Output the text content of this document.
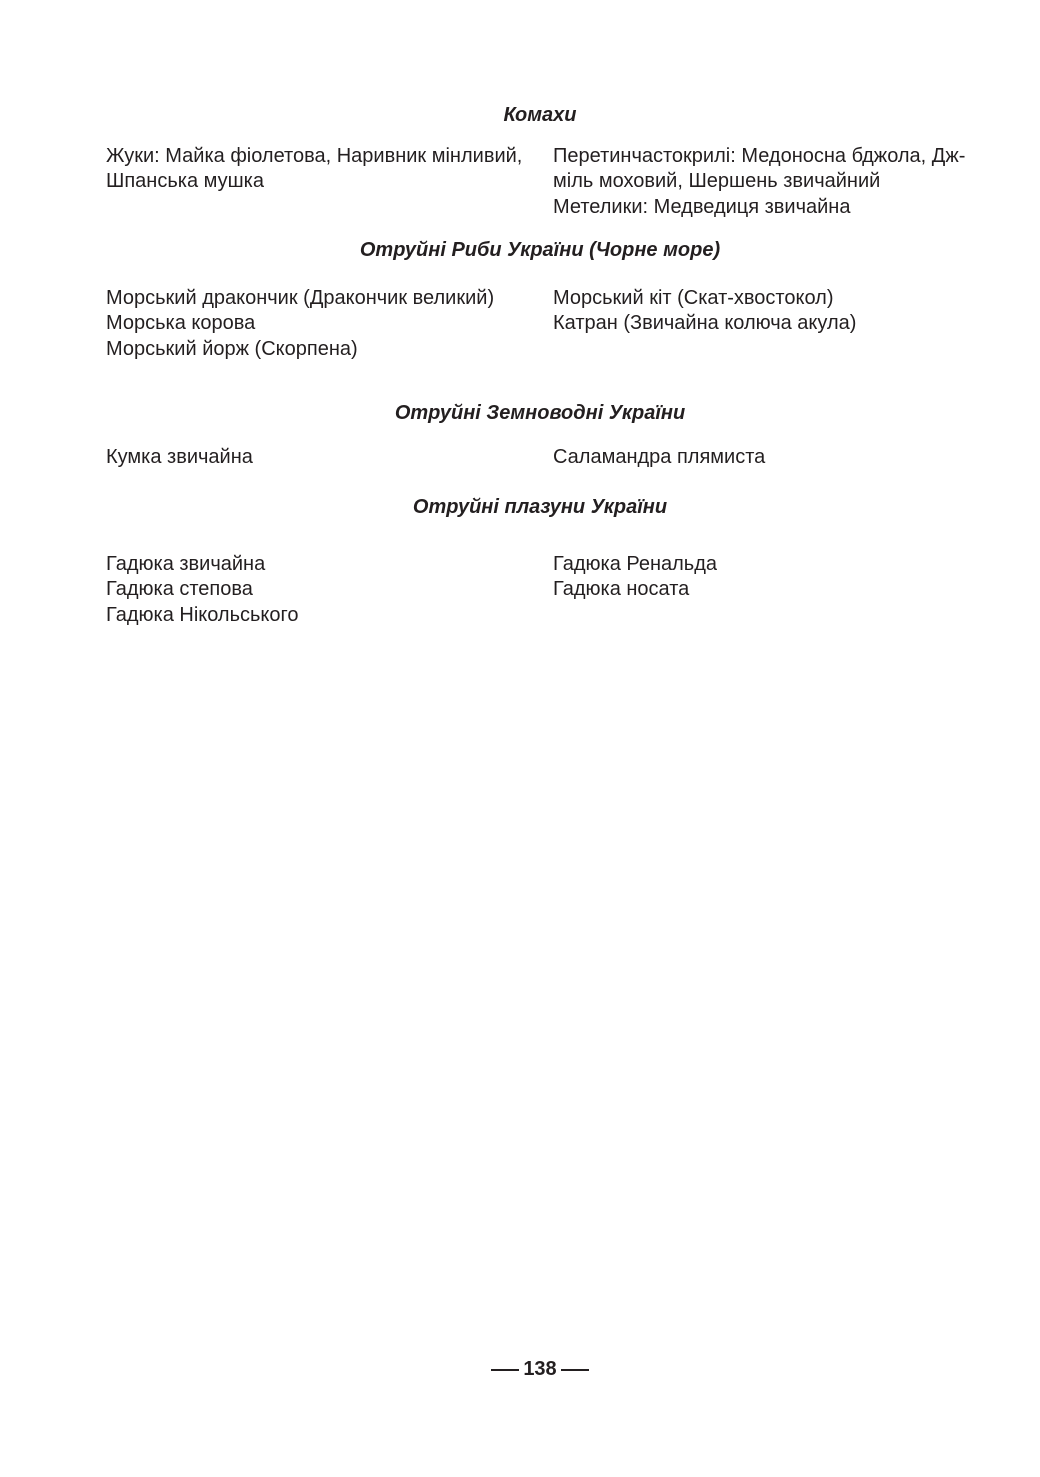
Комахи
Жуки: Майка фіолетова, Наривник мінливий,
Шпанська мушка
Перетинчастокрилі: Медоносна бджола, Дж-
міль моховий, Шершень звичайний
Метелики: Медведиця звичайна
Отруйні Риби України (Чорне море)
Морський дракончик (Дракончик великий)
Морська корова
Морський йорж (Скорпена)
Морський кіт (Скат-хвостокол)
Катран (Звичайна колюча акула)
Отруйні Земноводні України
Кумка звичайна	Саламандра плямиста
Отруйні плазуни України
Гадюка звичайна
Гадюка степова
Гадюка Нікольського
Гадюка Ренальда
Гадюка носата
138
